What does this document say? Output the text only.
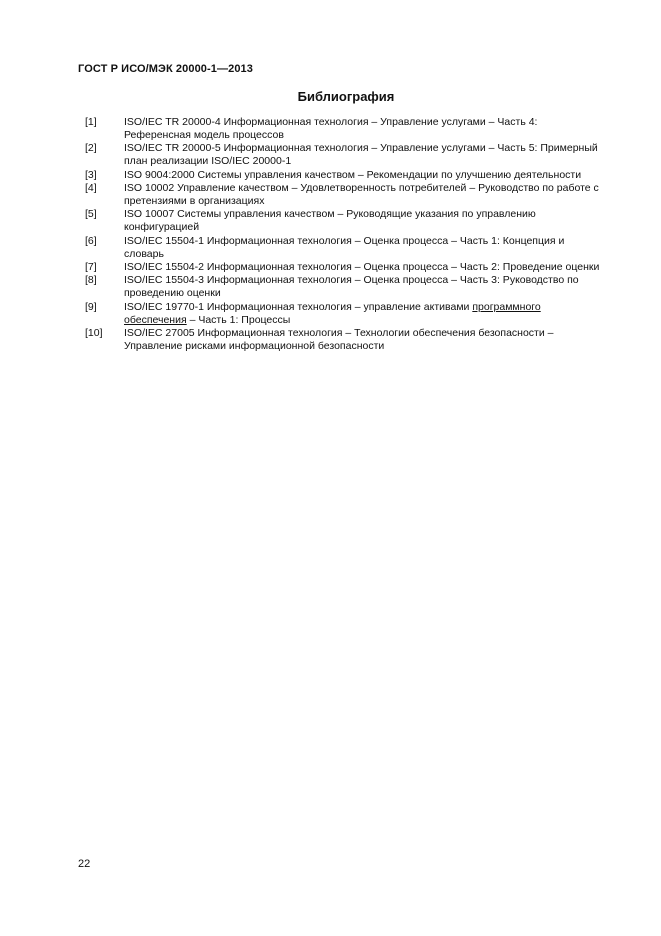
ГОСТ Р ИСО/МЭК 20000-1—2013
Библиография
[1]	ISO/IEC TR 20000-4 Информационная технология – Управление услугами – Часть 4: Референсная модель процессов
[2]	ISO/IEC TR 20000-5 Информационная технология – Управление услугами – Часть 5: Примерный план реализации ISO/IEC 20000-1
[3]	ISO 9004:2000 Системы управления качеством – Рекомендации по улучшению деятельности
[4]	ISO 10002 Управление качеством – Удовлетворенность потребителей – Руководство по работе с претензиями в организациях
[5]	ISO 10007 Системы управления качеством – Руководящие указания по управлению конфигурацией
[6]	ISO/IEC 15504-1 Информационная технология – Оценка процесса – Часть 1: Концепция и словарь
[7]	ISO/IEC 15504-2 Информационная технология – Оценка процесса – Часть 2: Проведение оценки
[8]	ISO/IEC 15504-3 Информационная технология – Оценка процесса – Часть 3: Руководство по проведению оценки
[9]	ISO/IEC 19770-1 Информационная технология – управление активами программного обеспечения – Часть 1: Процессы
[10]	ISO/IEC 27005 Информационная технология – Технологии обеспечения безопасности – Управление рисками информационной безопасности
22
